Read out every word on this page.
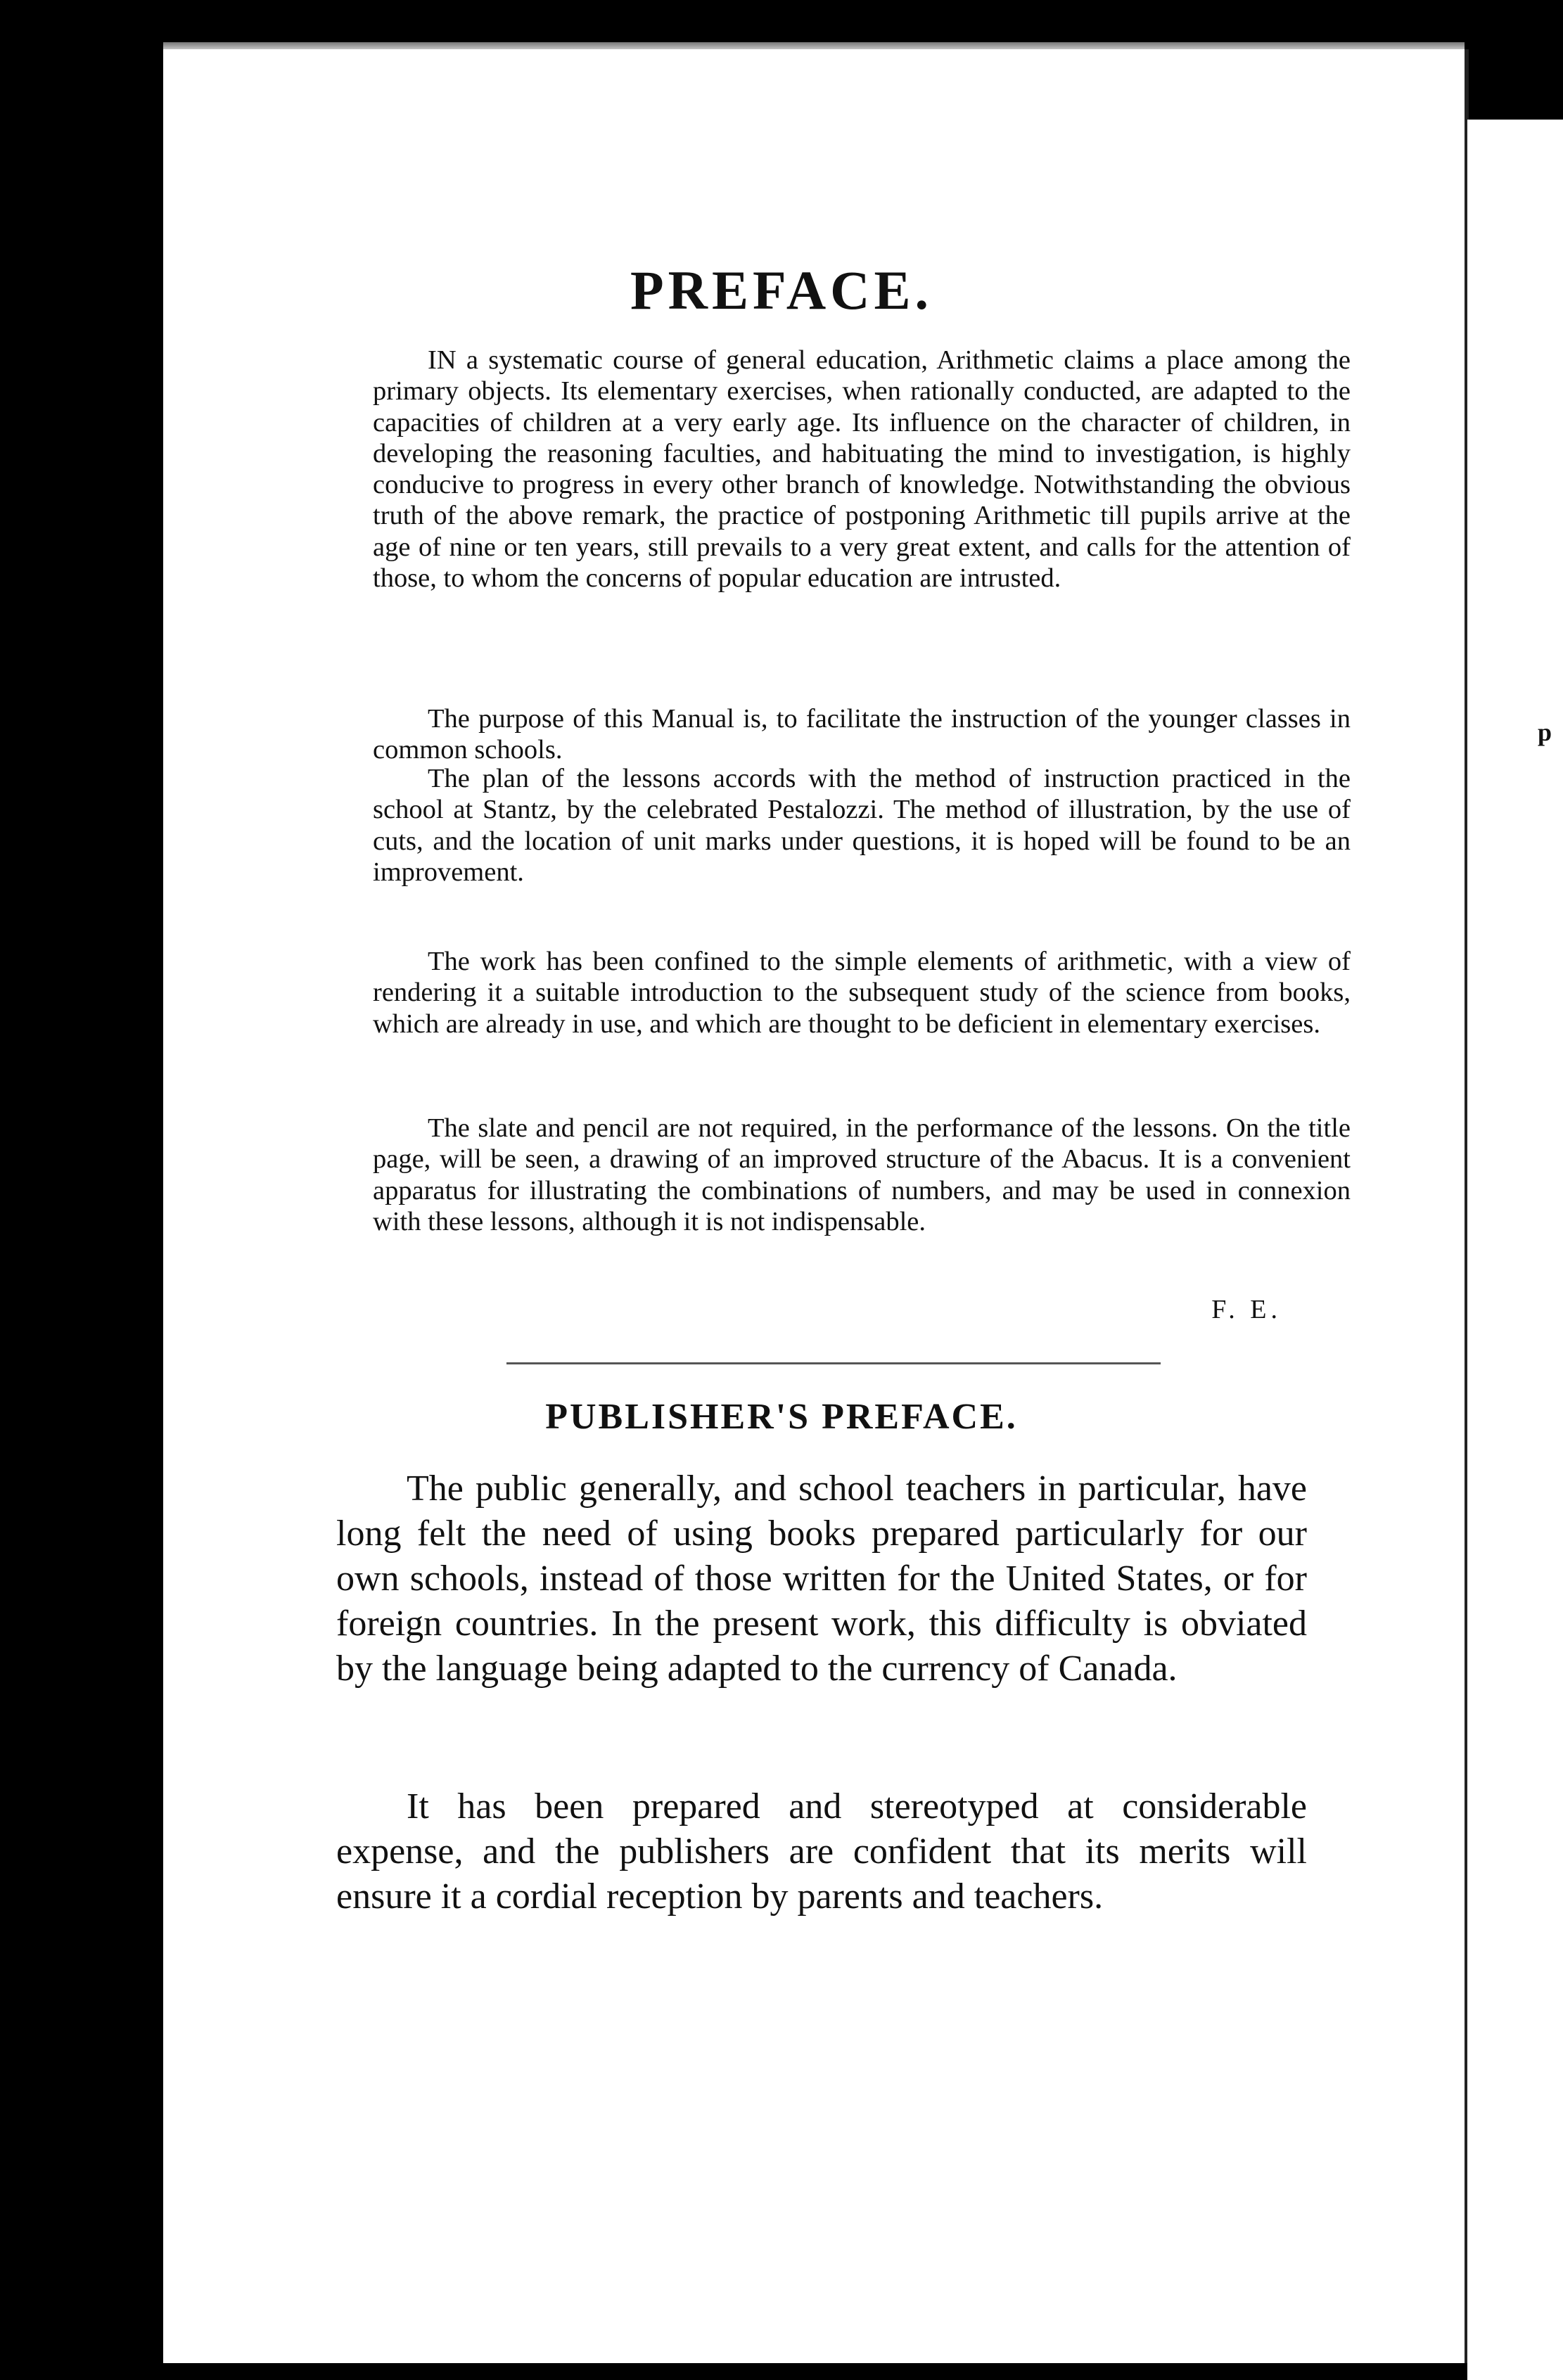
p
PREFACE.

IN a systematic course of general education, Arithmetic claims a place among the primary objects. Its elementary exercises, when rationally conducted, are adapted to the capacities of children at a very early age. Its influence on the character of children, in developing the reasoning faculties, and habituating the mind to investigation, is highly conducive to progress in every other branch of knowledge. Notwithstanding the obvious truth of the above remark, the practice of postponing Arithmetic till pupils arrive at the age of nine or ten years, still prevails to a very great extent, and calls for the attention of those, to whom the concerns of popular education are intrusted.

The purpose of this Manual is, to facilitate the instruction of the younger classes in common schools.

The plan of the lessons accords with the method of instruction practiced in the school at Stantz, by the celebrated Pestalozzi. The method of illustration, by the use of cuts, and the location of unit marks under questions, it is hoped will be found to be an improvement.

The work has been confined to the simple elements of arithmetic, with a view of rendering it a suitable introduction to the subsequent study of the science from books, which are already in use, and which are thought to be deficient in elementary exercises.

The slate and pencil are not required, in the performance of the lessons. On the title page, will be seen, a drawing of an improved structure of the Abacus. It is a convenient apparatus for illustrating the combinations of numbers, and may be used in connexion with these lessons, although it is not indispensable.

F. E.
PUBLISHER'S PREFACE.

The public generally, and school teachers in particular, have long felt the need of using books prepared particularly for our own schools, instead of those written for the United States, or for foreign countries. In the present work, this difficulty is obviated by the language being adapted to the currency of Canada.

It has been prepared and stereotyped at considerable expense, and the publishers are confident that its merits will ensure it a cordial reception by parents and teachers.
